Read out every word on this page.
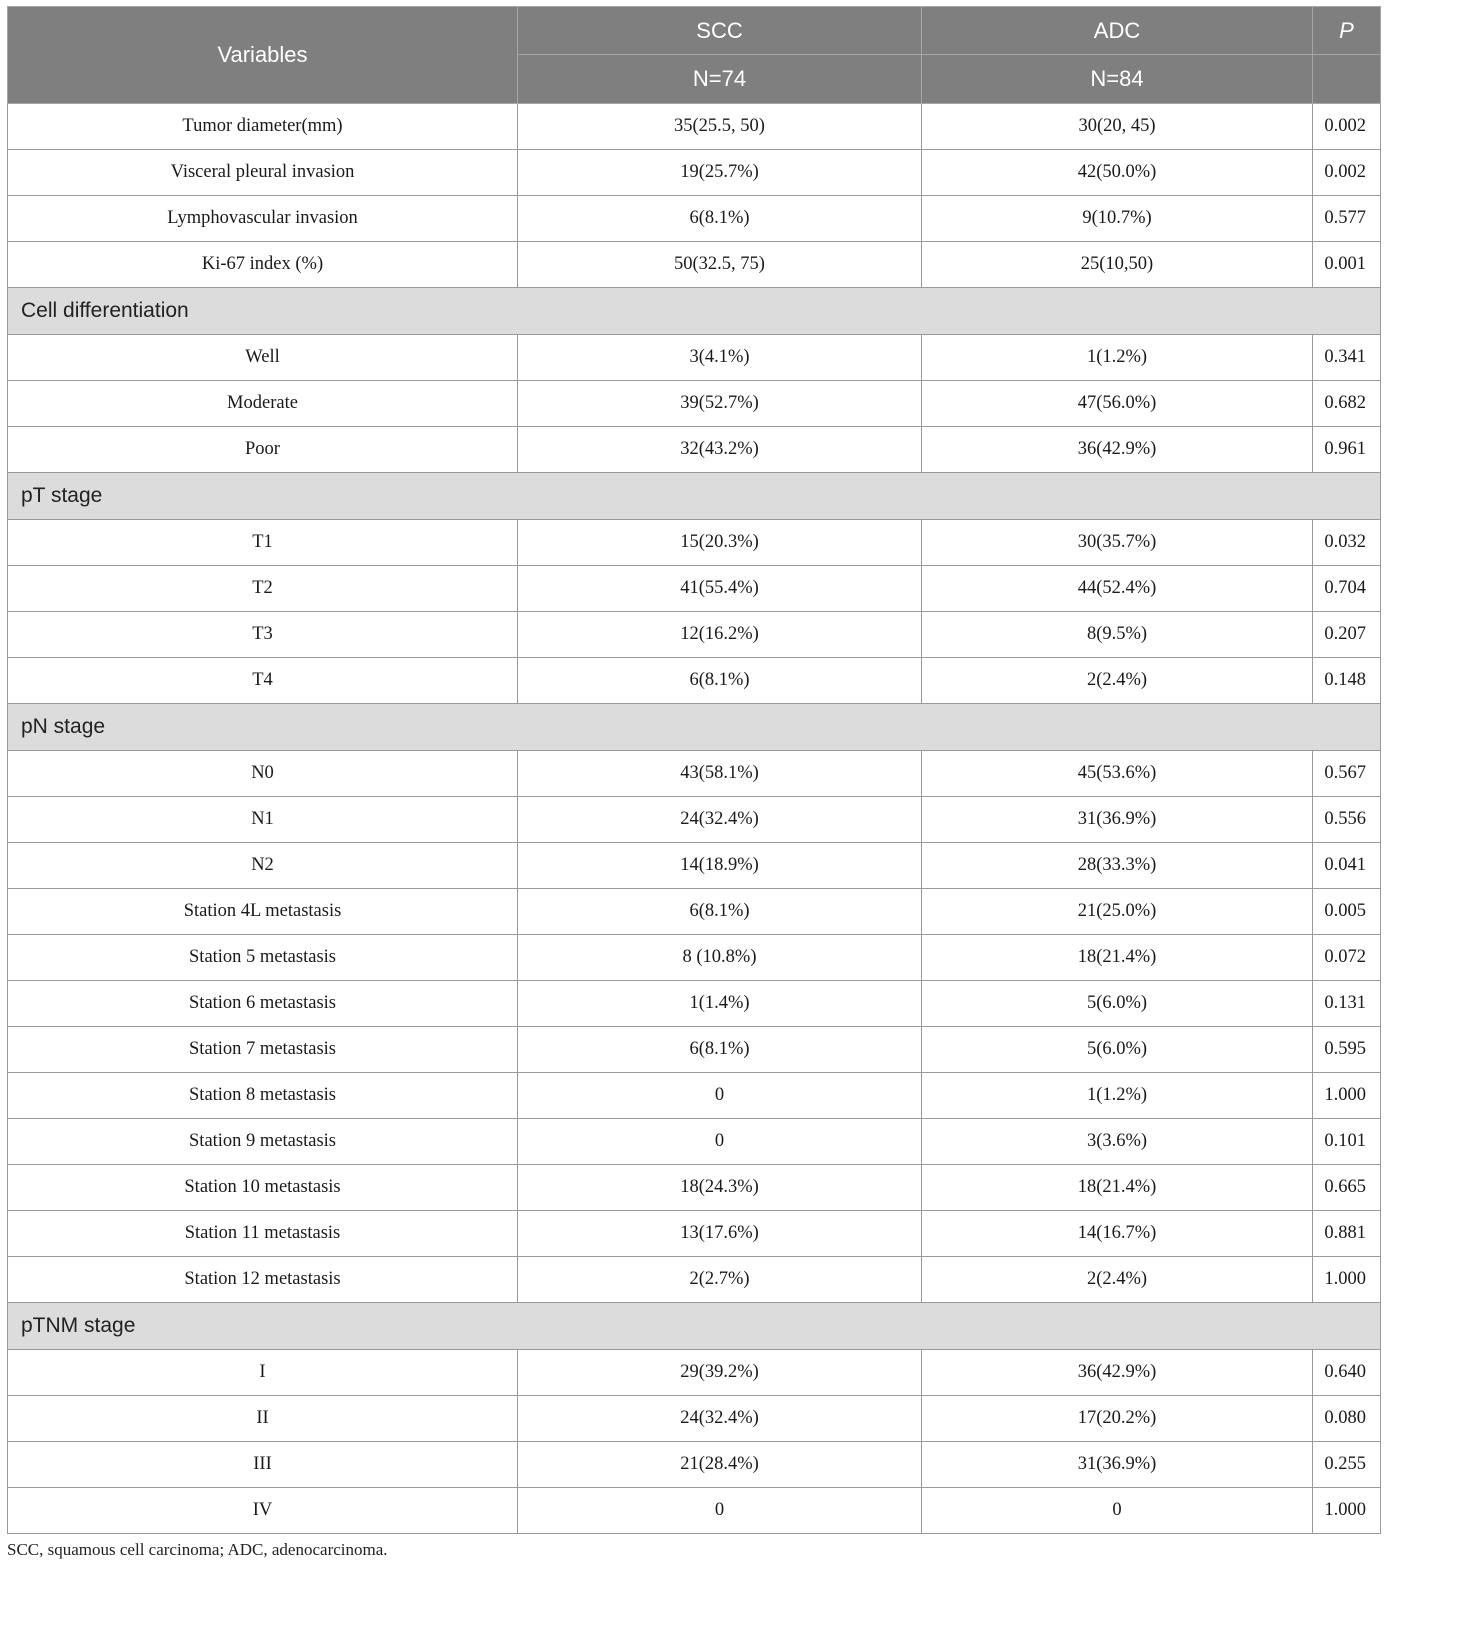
Variables	SCC	ADC	P
	N=74	N=84	
Tumor diameter(mm)	35(25.5, 50)	30(20, 45)	0.002
Visceral pleural invasion	19(25.7%)	42(50.0%)	0.002
Lymphovascular invasion	6(8.1%)	9(10.7%)	0.577
Ki-67 index (%)	50(32.5, 75)	25(10,50)	0.001
Cell differentiation			
Well	3(4.1%)	1(1.2%)	0.341
Moderate	39(52.7%)	47(56.0%)	0.682
Poor	32(43.2%)	36(42.9%)	0.961
pT stage			
T1	15(20.3%)	30(35.7%)	0.032
T2	41(55.4%)	44(52.4%)	0.704
T3	12(16.2%)	8(9.5%)	0.207
T4	6(8.1%)	2(2.4%)	0.148
pN stage			
N0	43(58.1%)	45(53.6%)	0.567
N1	24(32.4%)	31(36.9%)	0.556
N2	14(18.9%)	28(33.3%)	0.041
Station 4L metastasis	6(8.1%)	21(25.0%)	0.005
Station 5 metastasis	8 (10.8%)	18(21.4%)	0.072
Station 6 metastasis	1(1.4%)	5(6.0%)	0.131
Station 7 metastasis	6(8.1%)	5(6.0%)	0.595
Station 8 metastasis	0	1(1.2%)	1.000
Station 9 metastasis	0	3(3.6%)	0.101
Station 10 metastasis	18(24.3%)	18(21.4%)	0.665
Station 11 metastasis	13(17.6%)	14(16.7%)	0.881
Station 12 metastasis	2(2.7%)	2(2.4%)	1.000
pTNM stage			
I	29(39.2%)	36(42.9%)	0.640
II	24(32.4%)	17(20.2%)	0.080
III	21(28.4%)	31(36.9%)	0.255
IV	0	0	1.000
SCC, squamous cell carcinoma; ADC, adenocarcinoma.
